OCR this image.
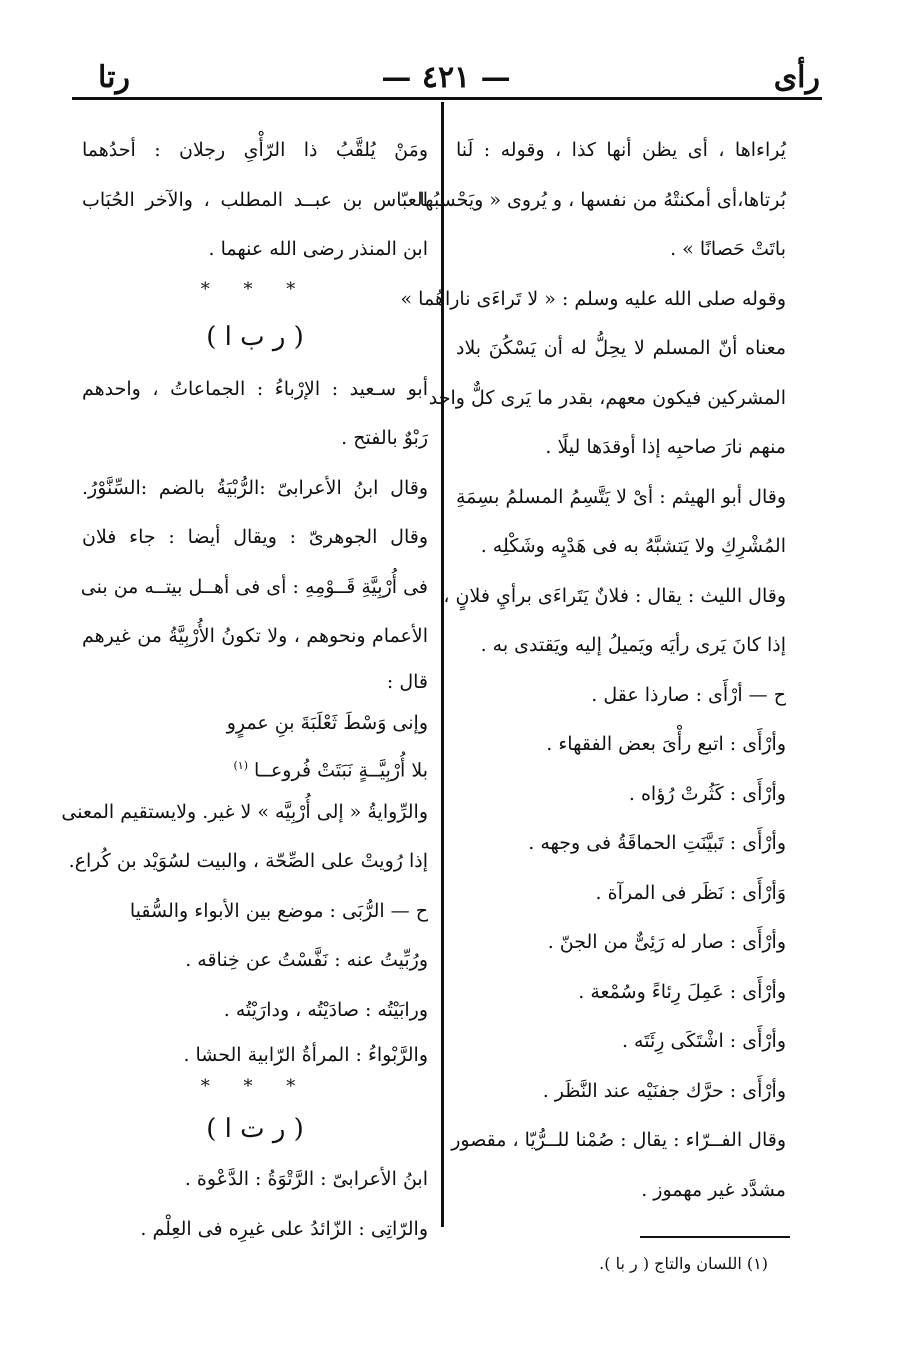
رأى
— ٤٢١ —
رتا
يُراءاها ، أى يظن أنها كذا ، وقوله : لَنا
بُرتاها،أى أمكنتْهُ من نفسها ، و يُروى « ويَحْسبُها
باتَتْ حَصانًا » .
وقوله صلى الله عليه وسلم : « لا تَراءَى ناراهُما »
معناه أنّ المسلم لا يحِلُّ له أن يَسْكُنَ بلاد
المشركين فيكون معهم، بقدر ما يَرى كلٌّ واحد
منهم نارَ صاحبِه إذا أوقدَها ليلًا .
وقال أبو الهيثم : أىْ لا يَتَّسِمُ المسلمُ بسِمَةِ
المُشْرِكِ ولا يَتشبَّهُ به فى هَدْيِه وشَكْلِه .
وقال الليث : يقال : فلانٌ يَتَراءَى برأيِ فلانٍ ،
إذا كانَ يَرى رأيَه ويَميلُ إليه ويَقتدى به .
ح — أرْأَى : صارذا عقل .
وأرْأَى : اتبع رأْىَ بعض الفقهاء .
وأرْأَى : كَثُرتْ رُؤاه .
وأرْأَى : تَبيَّنَتِ الحماقَةُ فى وجهه .
وَأرْأَى : نَظَر فى المرآة .
وأرْأَى : صار له رَئِىٌّ من الجنّ .
وأرْأَى : عَمِلَ رِئاءً وسُمْعة .
وأرْأَى : اشْتَكَى رِئَتَه .
وأرْأَى : حرَّك جفنَيْه عند النَّظَر .
وقال الفــرّاء : يقال : صُمْنا للــرُّيّا ، مقصور
مشدَّد غير مهموز .
ومَنْ يُلقَّبُ ذا الرّأْىِ رجلان : أحدُهما
العبّاس بن عبــد المطلب ، والآخر الحُبَاب
ابن المنذر رضى الله عنهما .
* * *
( ر ب ا )
أبو سـعيد : الإرْباءُ : الجماعاتُ ، واحدهم
رَبْوٌ بالفتح .
وقال ابنُ الأعرابىّ :الرُّبْيَةُ بالضم :السِّنَّوْرُ.
وقال الجوهرىّ : ويقال أيضا : جاء فلان
فى أُرْبِيَّةِ قَــوْمِهِ : أى فى أهــل بيتــه من بنى
الأعمام ونحوهم ، ولا تكونُ الأُرْبِيَّةُ من غيرهم
قال :
وإنى وَسْطَ ثَعْلَبَةَ بنِ عمرٍو
بلا أُرْبِيَّــةٍ نَبَتَتْ فُروعــا $^{(١)}$
والرِّوايةُ « إلى أُرْبِيَّه » لا غير. ولايستقيم المعنى
إذا رُويتْ على الصِّحّة ، والبيت لسُوَيْد بن كُراع.
ح — الرُّبَى : موضع بين الأبواء والسُّقيا
ورُبِّيتُ عنه : نَفَّسْتُ عن خِناقه .
ورابَيْتُه : صادَيْتُه ، ودارَيْتُه .
والرَّبْواءُ : المرأةُ الرّابية الحشا .
* * *
( ر ت ا )
ابنُ الأعرابىّ : الرَّتْوَةُ : الدَّعْوة .
والرّاتِى : الزّائدُ على غيرِه فى العِلْم .
(١) اللسان والتاج ( ر با ).
